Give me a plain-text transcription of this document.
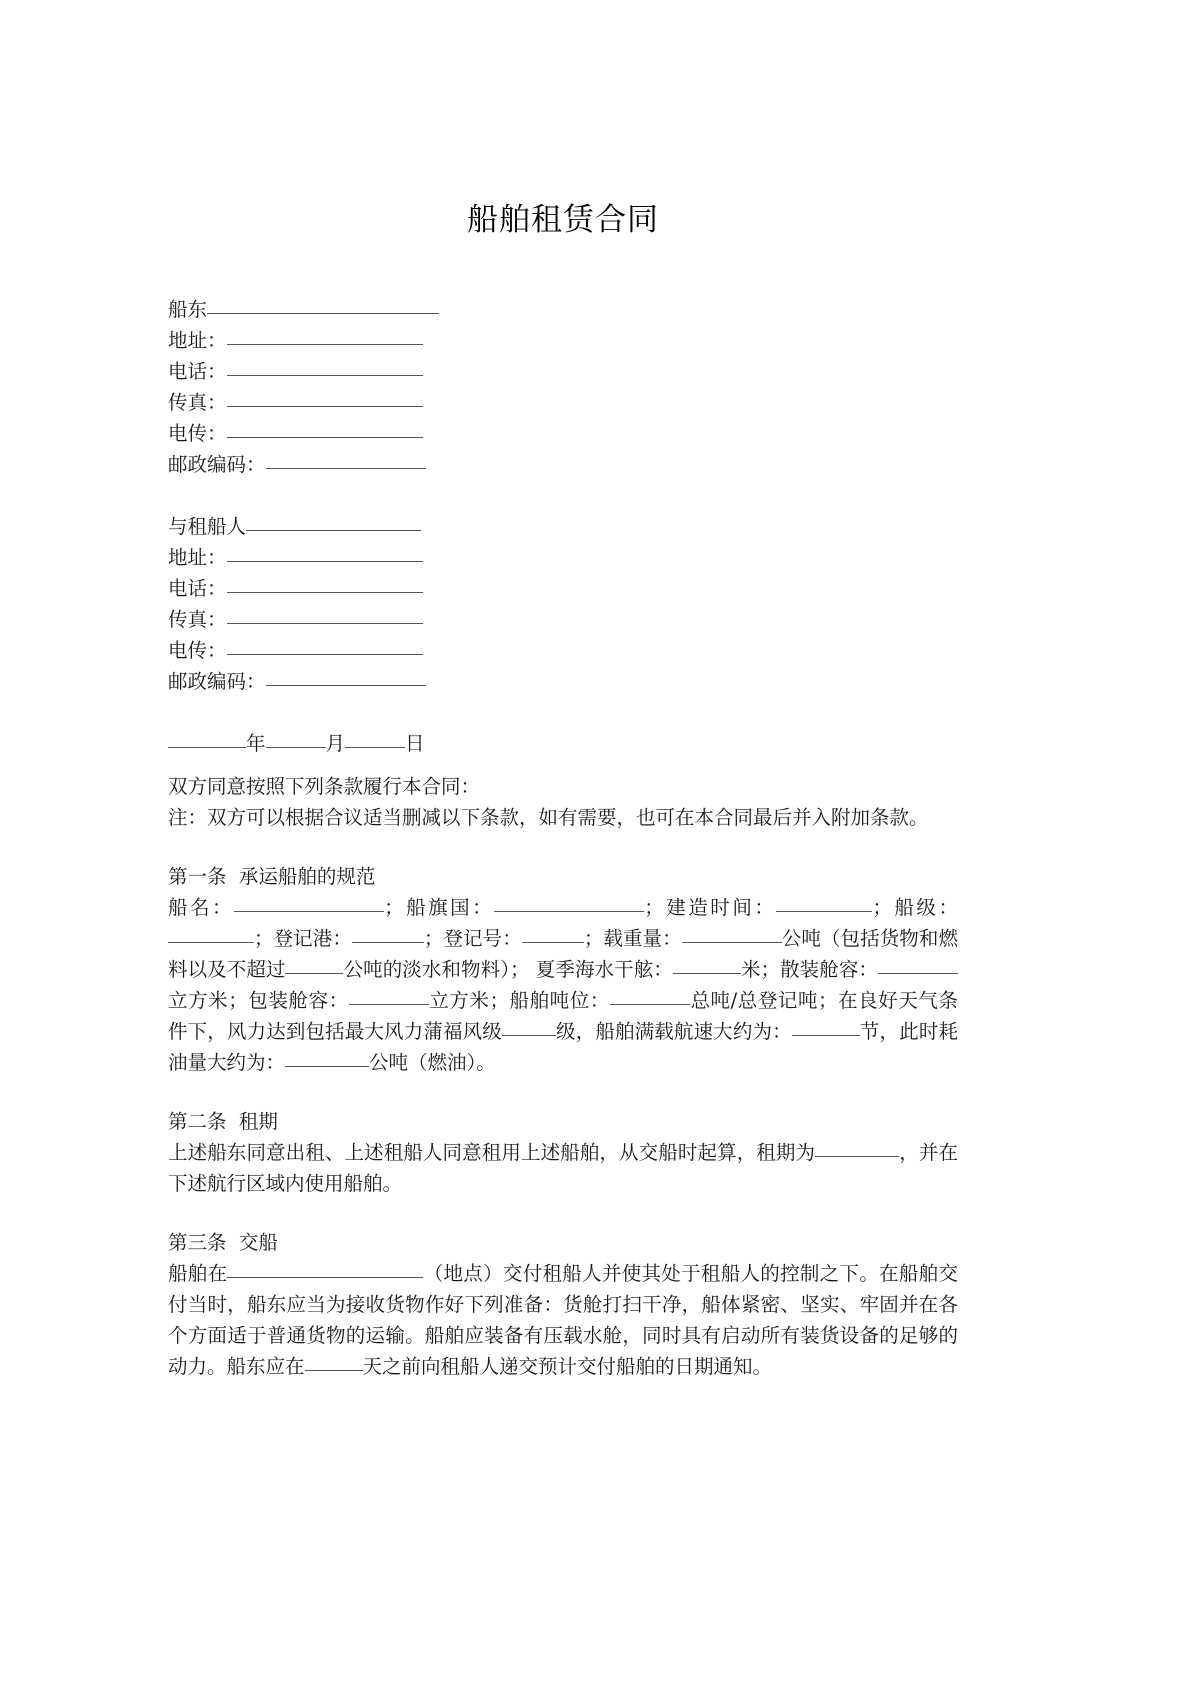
船舶租赁合同
船东
地址：
电话：
传真：
电传：
邮政编码：
与租船人
地址：
电话：
传真：
电传：
邮政编码：
年	月	日

双方同意按照下列条款履行本合同：

注：双方可以根据合议适当删减以下条款，如有需要，也可在本合同最后并入附加条款。

第一条  承运船舶的规范

船名：	；船旗国：	；建造时间：	；船级：；登记港：	；登记号：	；载重量：	公吨（包括货物和燃料以及不超过	公吨的淡水和物料）； 夏季海水干舷：	米；散装舱容：立方米；包装舱容：	立方米；船舶吨位：	总吨/总登记吨；在良好天气条件下，风力达到包括最大风力蒲福风级	级，船舶满载航速大约为：	节，此时耗油量大约为：	公吨（燃油）。

第二条  租期

上述船东同意出租、上述租船人同意租用上述船舶，从交船时起算，租期为	，并在下述航行区域内使用船舶。

第三条  交船

船舶在	（地点）交付租船人并使其处于租船人的控制之下。在船舶交付当时，船东应当为接收货物作好下列准备：货舱打扫干净，船体紧密、坚实、牢固并在各个方面适于普通货物的运输。船舶应装备有压载水舱，同时具有启动所有装货设备的足够的动力。船东应在	天之前向租船人递交预计交付船舶的日期通知。
